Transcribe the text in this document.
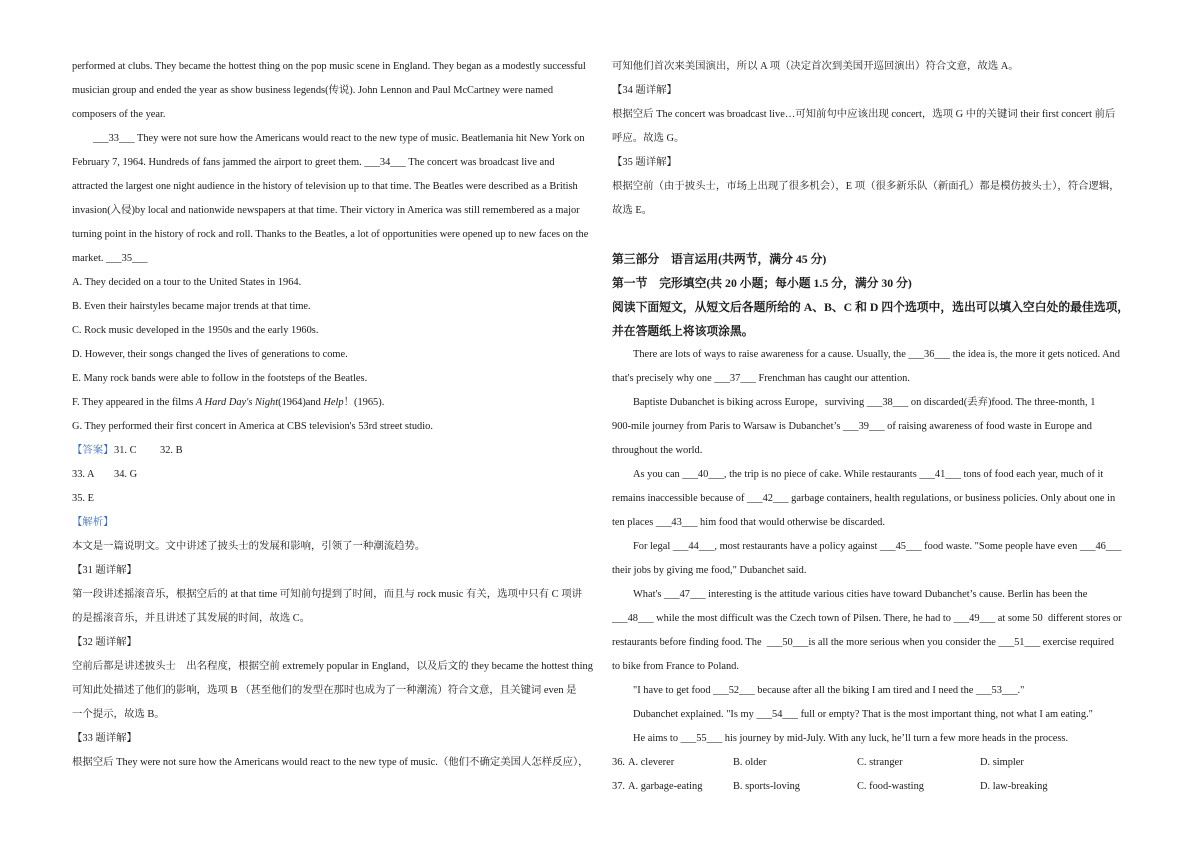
performed at clubs. They became the hottest thing on the pop music scene in England. They began as a modestly successful
musician group and ended the year as show business legends(传说). John Lennon and Paul McCartney were named
composers of the year.
___33___ They were not sure how the Americans would react to the new type of music. Beatlemania hit New York on
February 7, 1964. Hundreds of fans jammed the airport to greet them. ___34___ The concert was broadcast live and
attracted the largest one night audience in the history of television up to that time. The Beatles were described as a British
invasion(入侵)by local and nationwide newspapers at that time. Their victory in America was still remembered as a major
turning point in the history of rock and roll. Thanks to the Beatles, a lot of opportunities were opened up to new faces on the
market. ___35___
A. They decided on a tour to the United States in 1964.
B. Even their hairstyles became major trends at that time.
C. Rock music developed in the 1950s and the early 1960s.
D. However, their songs changed the lives of generations to come.
E. Many rock bands were able to follow in the footsteps of the Beatles.
F. They appeared in the films A Hard Day's Night(1964)and Help！(1965).
G. They performed their first concert in America at CBS television's 53rd street studio.
【答案】 31. C 32. B
33. A 34. G
35. E
【解析】
本文是一篇说明文。文中讲述了披头士的发展和影响，引领了一种潮流趋势。
【31 题详解】
第一段讲述摇滚音乐，根据空后的 at that time 可知前句提到了时间，而且与 rock music 有关，选项中只有 C 项讲
的是摇滚音乐，并且讲述了其发展的时间，故选 C。
【32 题详解】
空前后都是讲述披头士　出名程度，根据空前 extremely popular in England，以及后文的 they became the hottest thing
可知此处描述了他们的影响，选项 B （甚至他们的发型在那时也成为了一种潮流）符合文意，且关键词 even 是
一个提示，故选 B。
【33 题详解】
根据空后 They were not sure how the Americans would react to the new type of music.（他们不确定美国人怎样反应），
可知他们首次来美国演出，所以 A 项（决定首次到美国开巡回演出）符合文意，故选 A。
【34 题详解】
根据空后 The concert was broadcast live…可知前句中应该出现 concert，选项 G 中的关键词 their first concert 前后
呼应。故选 G。
【35 题详解】
根据空前（由于披头士，市场上出现了很多机会），E 项（很多新乐队（新面孔）都是模仿披头士），符合逻辑，
故选 E。
第三部分　语言运用(共两节，满分 45 分)
第一节　完形填空(共 20 小题；每小题 1.5 分，满分 30 分)
阅读下面短文，从短文后各题所给的 A、B、C 和 D 四个选项中，选出可以填入空白处的最佳选项，
并在答题纸上将该项涂黑。
There are lots of ways to raise awareness for a cause. Usually, the ___36___ the idea is, the more it gets noticed. And
that's precisely why one ___37___ Frenchman has caught our attention.
Baptiste Dubanchet is biking across Europe，surviving ___38___ on discarded(丢弃)food. The three-month, 1
900-mile journey from Paris to Warsaw is Dubanchet’s ___39___ of raising awareness of food waste in Europe and
throughout the world.
As you can ___40___, the trip is no piece of cake. While restaurants ___41___ tons of food each year, much of it
remains inaccessible because of ___42___ garbage containers, health regulations, or business policies. Only about one in
ten places ___43___ him food that would otherwise be discarded.
For legal ___44___, most restaurants have a policy against ___45___ food waste. "Some people have even ___46___
their jobs by giving me food," Dubanchet said.
What's ___47___ interesting is the attitude various cities have toward Dubanchet’s cause. Berlin has been the
___48___ while the most difficult was the Czech town of Pilsen. There, he had to ___49___ at some 50  different stores or
restaurants before finding food. The  ___50___is all the more serious when you consider the ___51___ exercise required
to bike from France to Poland.
"I have to get food ___52___ because after all the biking I am tired and I need the ___53___."
Dubanchet explained. "Is my ___54___ full or empty? That is the most important thing, not what I am eating."
He aims to ___55___ his journey by mid-July. With any luck, he’ll turn a few more heads in the process.
36. A. cleverer	B. older	C. stranger	D. simpler
37. A. garbage-eating	B. sports-loving	C. food-wasting	D. law-breaking
